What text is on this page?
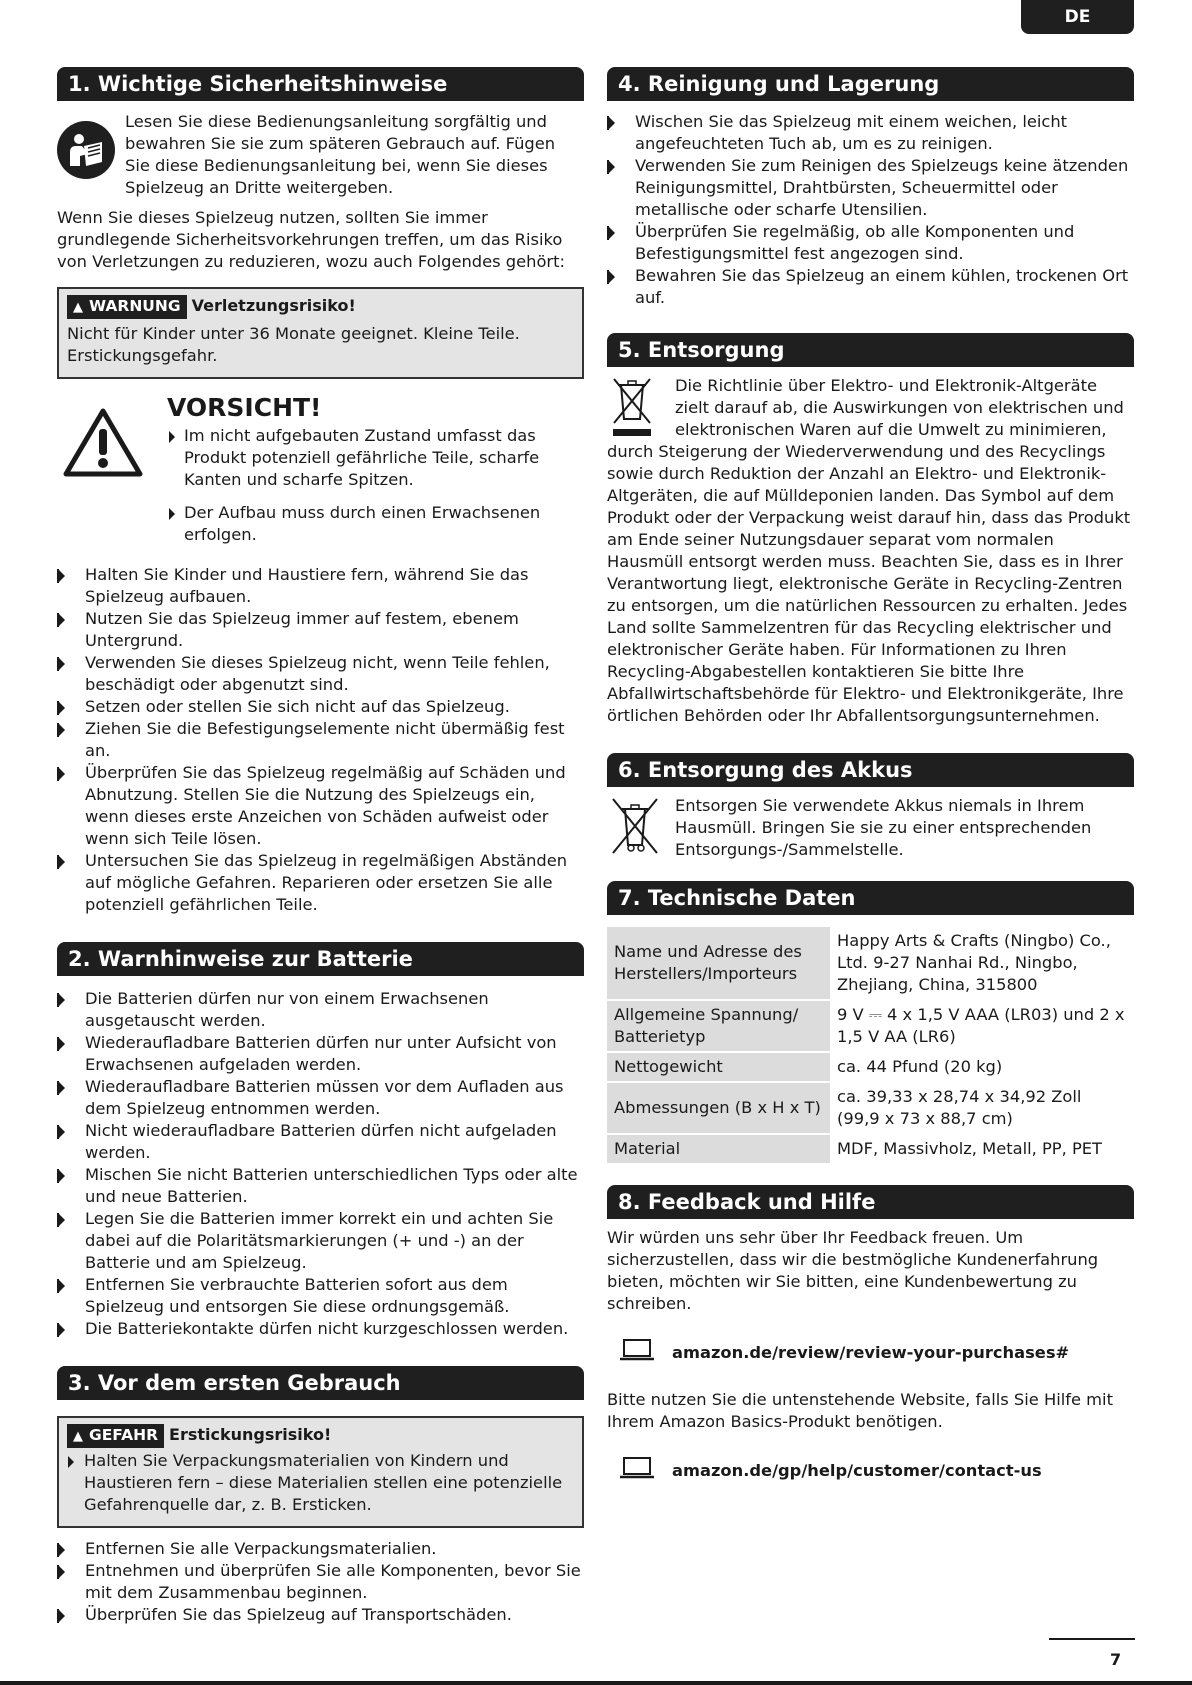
DE
1. Wichtige Sicherheitshinweise

Lesen Sie diese Bedienungsanleitung sorgfältig und bewahren Sie sie zum späteren Gebrauch auf. Fügen Sie diese Bedienungsanleitung bei, wenn Sie dieses Spielzeug an Dritte weitergeben.

Wenn Sie dieses Spielzeug nutzen, sollten Sie immer grundlegende Sicherheitsvorkehrungen treffen, um das Risiko von Verletzungen zu reduzieren, wozu auch Folgendes gehört:

▲ WARNUNG Verletzungsrisiko!

Nicht für Kinder unter 36 Monate geeignet. Kleine Teile. Erstickungsgefahr.

VORSICHT!
Im nicht aufgebauten Zustand umfasst das Produkt potenziell gefährliche Teile, scharfe Kanten und scharfe Spitzen.
Der Aufbau muss durch einen Erwachsenen erfolgen.
Halten Sie Kinder und Haustiere fern, während Sie das Spielzeug aufbauen.
Nutzen Sie das Spielzeug immer auf festem, ebenem Untergrund.
Verwenden Sie dieses Spielzeug nicht, wenn Teile fehlen, beschädigt oder abgenutzt sind.
Setzen oder stellen Sie sich nicht auf das Spielzeug.
Ziehen Sie die Befestigungselemente nicht übermäßig fest an.
Überprüfen Sie das Spielzeug regelmäßig auf Schäden und Abnutzung. Stellen Sie die Nutzung des Spielzeugs ein, wenn dieses erste Anzeichen von Schäden aufweist oder wenn sich Teile lösen.
Untersuchen Sie das Spielzeug in regelmäßigen Abständen auf mögliche Gefahren. Reparieren oder ersetzen Sie alle potenziell gefährlichen Teile.
2. Warnhinweise zur Batterie
Die Batterien dürfen nur von einem Erwachsenen ausgetauscht werden.
Wiederaufladbare Batterien dürfen nur unter Aufsicht von Erwachsenen aufgeladen werden.
Wiederaufladbare Batterien müssen vor dem Aufladen aus dem Spielzeug entnommen werden.
Nicht wiederaufladbare Batterien dürfen nicht aufgeladen werden.
Mischen Sie nicht Batterien unterschiedlichen Typs oder alte und neue Batterien.
Legen Sie die Batterien immer korrekt ein und achten Sie dabei auf die Polaritätsmarkierungen (+ und -) an der Batterie und am Spielzeug.
Entfernen Sie verbrauchte Batterien sofort aus dem Spielzeug und entsorgen Sie diese ordnungsgemäß.
Die Batteriekontakte dürfen nicht kurzgeschlossen werden.
3. Vor dem ersten Gebrauch
▲ GEFAHR Erstickungsrisiko!
Halten Sie Verpackungsmaterialien von Kindern und Haustieren fern – diese Materialien stellen eine potenzielle Gefahrenquelle dar, z. B. Ersticken.
Entfernen Sie alle Verpackungsmaterialien.
Entnehmen und überprüfen Sie alle Komponenten, bevor Sie mit dem Zusammenbau beginnen.
Überprüfen Sie das Spielzeug auf Transportschäden.
4. Reinigung und Lagerung
Wischen Sie das Spielzeug mit einem weichen, leicht angefeuchteten Tuch ab, um es zu reinigen.
Verwenden Sie zum Reinigen des Spielzeugs keine ätzenden Reinigungsmittel, Drahtbürsten, Scheuermittel oder metallische oder scharfe Utensilien.
Überprüfen Sie regelmäßig, ob alle Komponenten und Befestigungsmittel fest angezogen sind.
Bewahren Sie das Spielzeug an einem kühlen, trockenen Ort auf.
5. Entsorgung

Die Richtlinie über Elektro- und Elektronik-Altgeräte zielt darauf ab, die Auswirkungen von elektrischen und elektronischen Waren auf die Umwelt zu minimieren,

durch Steigerung der Wiederverwendung und des Recyclings sowie durch Reduktion der Anzahl an Elektro- und Elektronik-Altgeräten, die auf Mülldeponien landen. Das Symbol auf dem Produkt oder der Verpackung weist darauf hin, dass das Produkt am Ende seiner Nutzungsdauer separat vom normalen Hausmüll entsorgt werden muss. Beachten Sie, dass es in Ihrer Verantwortung liegt, elektronische Geräte in Recycling-Zentren zu entsorgen, um die natürlichen Ressourcen zu erhalten. Jedes Land sollte Sammelzentren für das Recycling elektrischer und elektronischer Geräte haben. Für Informationen zu Ihren Recycling-Abgabestellen kontaktieren Sie bitte Ihre Abfallwirtschaftsbehörde für Elektro- und Elektronikgeräte, Ihre örtlichen Behörden oder Ihr Abfallentsorgungsunternehmen.

6. Entsorgung des Akkus

Entsorgen Sie verwendete Akkus niemals in Ihrem Hausmüll. Bringen Sie sie zu einer entsprechenden Entsorgungs-/Sammelstelle.

7. Technische Daten
Name und Adresse des Herstellers/Importeurs	Happy Arts & Crafts (Ningbo) Co., Ltd. 9-27 Nanhai Rd., Ningbo, Zhejiang, China, 315800
Allgemeine Spannung/ Batterietyp	9 V ⎓ 4 x 1,5 V AAA (LR03) und 2 x 1,5 V AA (LR6)
Nettogewicht	ca. 44 Pfund (20 kg)
Abmessungen (B x H x T)	ca. 39,33 x 28,74 x 34,92 Zoll (99,9 x 73 x 88,7 cm)
Material	MDF, Massivholz, Metall, PP, PET
8. Feedback und Hilfe

Wir würden uns sehr über Ihr Feedback freuen. Um sicherzustellen, dass wir die bestmögliche Kundenerfahrung bieten, möchten wir Sie bitten, eine Kundenbewertung zu schreiben.

amazon.de/review/review-your-purchases#

Bitte nutzen Sie die untenstehende Website, falls Sie Hilfe mit Ihrem Amazon Basics-Produkt benötigen.

amazon.de/gp/help/customer/contact-us
7
